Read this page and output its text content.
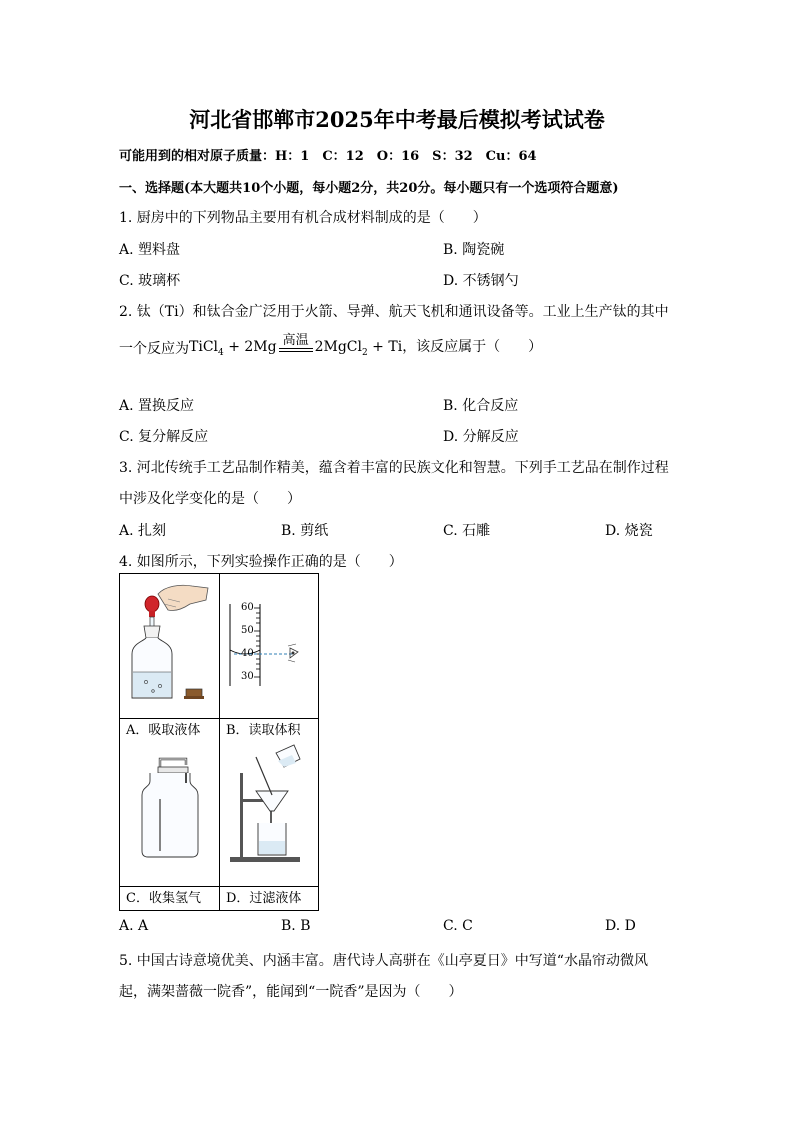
河北省邯郸市2025年中考最后模拟考试试卷
可能用到的相对原子质量：H：1　C：12　O：16　S：32　Cu：64
一、选择题(本大题共10个小题，每小题2分，共20分。每小题只有一个选项符合题意)
1. 厨房中的下列物品主要用有机合成材料制成的是（　　）
A. 塑料盘	B. 陶瓷碗
C. 玻璃杯	D. 不锈钢勺
2. 钛（Ti）和钛合金广泛用于火箭、导弹、航天飞机和通讯设备等。工业上生产钛的其中
一个反应为TiCl$_4$ + 2Mg 高温 2MgCl$_2$ + Ti，该反应属于（　　）
A. 置换反应	B. 化合反应
C. 复分解反应	D. 分解反应
3. 河北传统手工艺品制作精美，蕴含着丰富的民族文化和智慧。下列手工艺品在制作过程
中涉及化学变化的是（　　）
A. 扎刻	B. 剪纸	C. 石雕	D. 烧瓷
4. 如图所示，下列实验操作正确的是（　　）
A．吸取液体
60
50
40
30
B．读取体积
C．收集氢气	D．过滤液体
A. A	B. B	C. C	D. D
5. 中国古诗意境优美、内涵丰富。唐代诗人高骈在《山亭夏日》中写道“水晶帘动微风
起，满架蔷薇一院香”，能闻到“一院香”是因为（　　）
